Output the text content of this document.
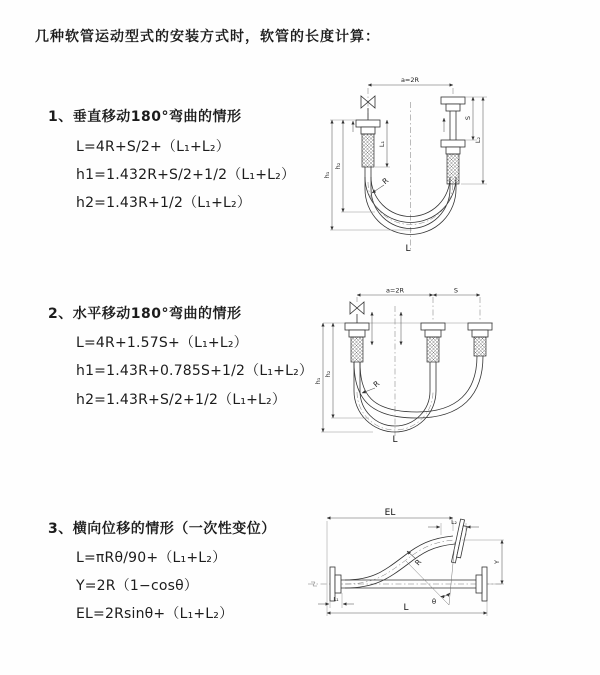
几种软管运动型式的安装方式时，软管的长度计算：
1、垂直移动180°弯曲的情形
L=4R+S/2+（L₁+L₂）
h1=1.432R+S/2+1/2（L₁+L₂）
h2=1.43R+1/2（L₁+L₂）
2、水平移动180°弯曲的情形
L=4R+1.57S+（L₁+L₂）
h1=1.43R+0.785S+1/2（L₁+L₂）
h2=1.43R+S/2+1/2（L₁+L₂）
3、横向位移的情形（一次性变位）
L=πRθ/90+（L₁+L₂）
Y=2R（1−cosθ）
EL=2Rsinθ+（L₁+L₂）
a=2R
h₁
h₂
L₁
S
L₂
R
L
a=2R	S
h₁
h₂
R
L
θ
EL
L₂
Y
L
L₁
R
